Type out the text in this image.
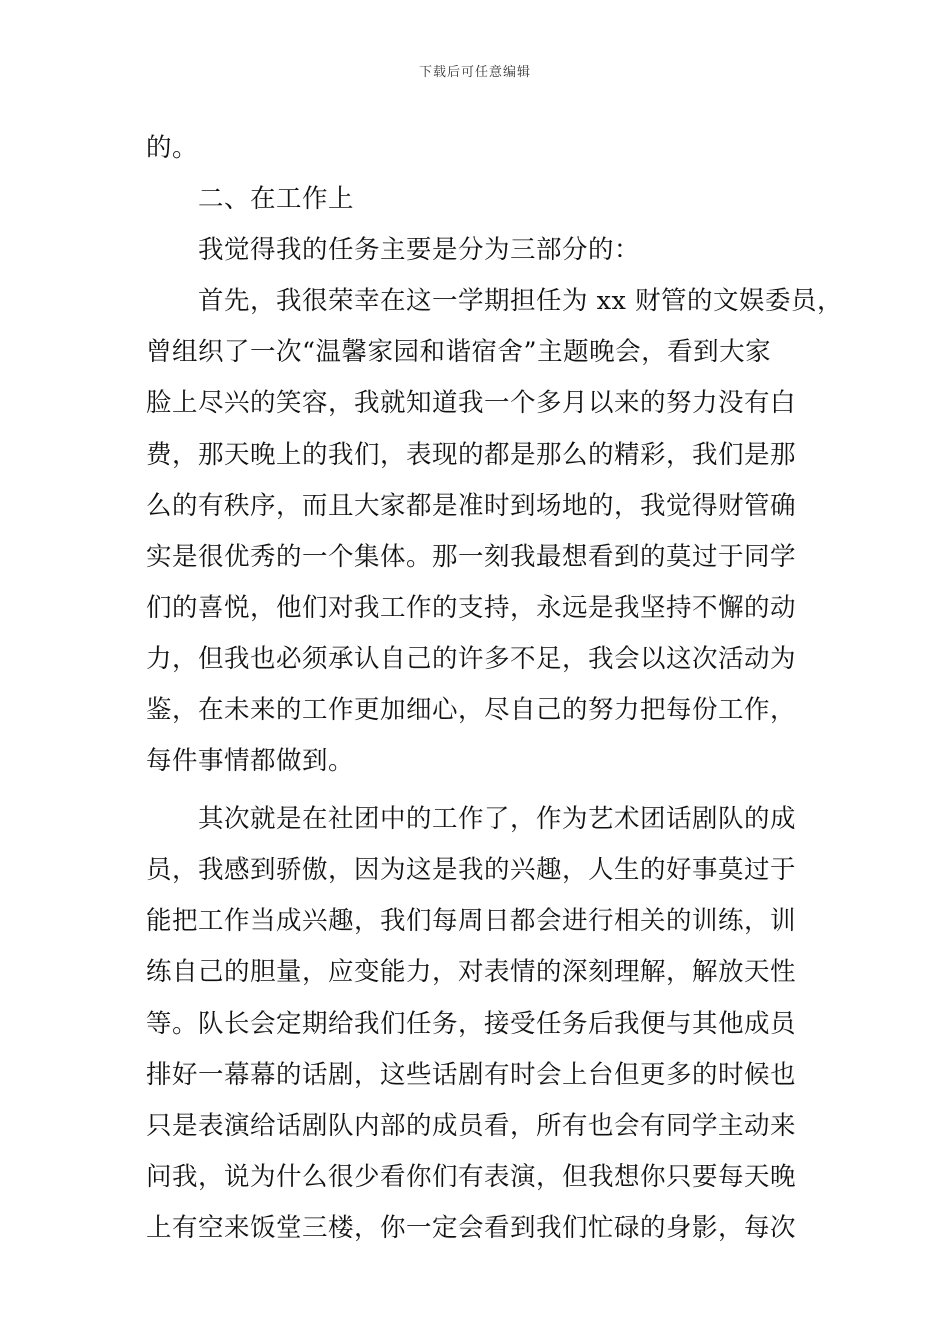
下载后可任意编辑
的。
二、在工作上
我觉得我的任务主要是分为三部分的：
首先，我很荣幸在这一学期担任为 xx 财管的文娱委员，
曾组织了一次“温馨家园和谐宿舍”主题晚会，看到大家
脸上尽兴的笑容，我就知道我一个多月以来的努力没有白
费，那天晚上的我们，表现的都是那么的精彩，我们是那
么的有秩序，而且大家都是准时到场地的，我觉得财管确
实是很优秀的一个集体。那一刻我最想看到的莫过于同学
们的喜悦，他们对我工作的支持，永远是我坚持不懈的动
力，但我也必须承认自己的许多不足，我会以这次活动为
鉴，在未来的工作更加细心，尽自己的努力把每份工作，
每件事情都做到。
其次就是在社团中的工作了，作为艺术团话剧队的成
员，我感到骄傲，因为这是我的兴趣，人生的好事莫过于
能把工作当成兴趣，我们每周日都会进行相关的训练，训
练自己的胆量，应变能力，对表情的深刻理解，解放天性
等。队长会定期给我们任务，接受任务后我便与其他成员
排好一幕幕的话剧，这些话剧有时会上台但更多的时候也
只是表演给话剧队内部的成员看，所有也会有同学主动来
问我，说为什么很少看你们有表演，但我想你只要每天晚
上有空来饭堂三楼，你一定会看到我们忙碌的身影，每次
